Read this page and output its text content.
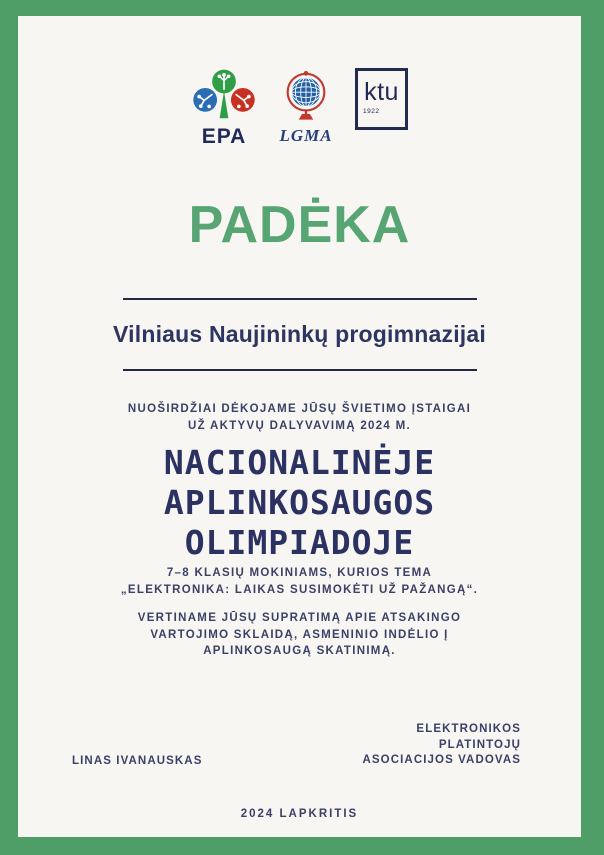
EPA LGMA
ktu
1922
PADĖKA
Vilniaus Naujininkų progimnazijai
NUOŠIRDŽIAI DĖKOJAME JŪSŲ ŠVIETIMO ĮSTAIGAI
UŽ AKTYVŲ DALYVAVIMĄ 2024 M.
NACIONALINĖJE
APLINKOSAUGOS
OLIMPIADOJE
7–8 KLASIŲ MOKINIAMS, KURIOS TEMA
„ELEKTRONIKA: LAIKAS SUSIMOKĖTI UŽ PAŽANGĄ“.
VERTINAME JŪSŲ SUPRATIMĄ APIE ATSAKINGO
VARTOJIMO SKLAIDĄ, ASMENINIO INDĖLIO Į
APLINKOSAUGĄ SKATINIMĄ.
LINAS IVANAUSKAS
ELEKTRONIKOS
PLATINTOJŲ
ASOCIACIJOS VADOVAS
2024 LAPKRITIS
